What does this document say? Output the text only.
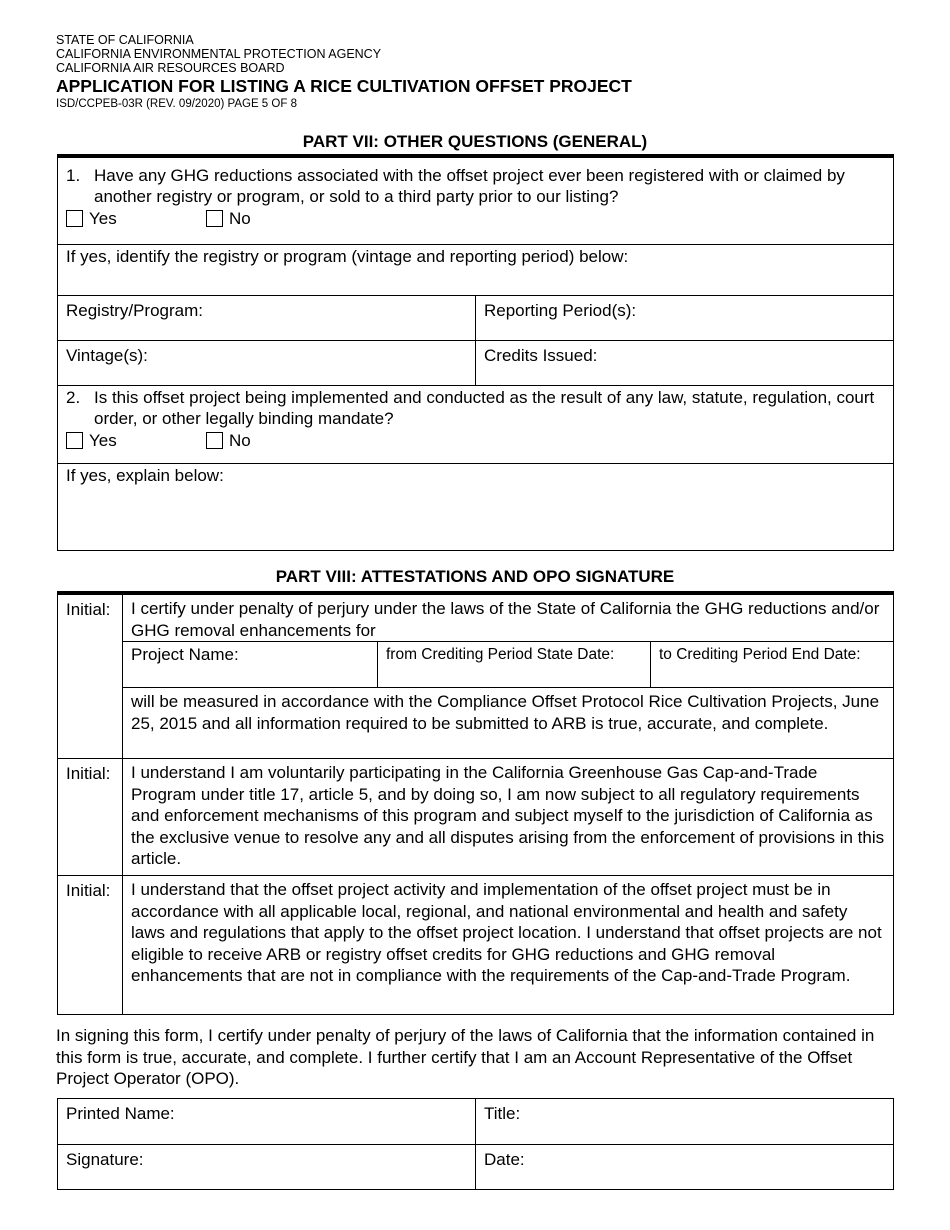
STATE OF CALIFORNIA
CALIFORNIA ENVIRONMENTAL PROTECTION AGENCY
CALIFORNIA AIR RESOURCES BOARD
APPLICATION FOR LISTING A RICE CULTIVATION OFFSET PROJECT
ISD/CCPEB-03R (REV. 09/2020) PAGE 5 OF 8
PART VII: OTHER QUESTIONS (GENERAL)
1. Have any GHG reductions associated with the offset project ever been registered with or claimed by another registry or program, or sold to a third party prior to our listing?
Yes	No
If yes, identify the registry or program (vintage and reporting period) below:
Registry/Program:	Reporting Period(s):
Vintage(s):	Credits Issued:
2. Is this offset project being implemented and conducted as the result of any law, statute, regulation, court order, or other legally binding mandate?
Yes	No
If yes, explain below:
PART VIII: ATTESTATIONS AND OPO SIGNATURE
Initial:	I certify under penalty of perjury under the laws of the State of California the GHG reductions and/or GHG removal enhancements for
Project Name:	from Crediting Period State Date:	to Crediting Period End Date:
will be measured in accordance with the Compliance Offset Protocol Rice Cultivation Projects, June 25, 2015 and all information required to be submitted to ARB is true, accurate, and complete.
Initial:	I understand I am voluntarily participating in the California Greenhouse Gas Cap-and-Trade Program under title 17, article 5, and by doing so, I am now subject to all regulatory requirements and enforcement mechanisms of this program and subject myself to the jurisdiction of California as the exclusive venue to resolve any and all disputes arising from the enforcement of provisions in this article.
Initial:	I understand that the offset project activity and implementation of the offset project must be in accordance with all applicable local, regional, and national environmental and health and safety laws and regulations that apply to the offset project location. I understand that offset projects are not eligible to receive ARB or registry offset credits for GHG reductions and GHG removal enhancements that are not in compliance with the requirements of the Cap-and-Trade Program.
In signing this form, I certify under penalty of perjury of the laws of California that the information contained in this form is true, accurate, and complete. I further certify that I am an Account Representative of the Offset Project Operator (OPO).
Printed Name:	Title:
Signature:	Date:
